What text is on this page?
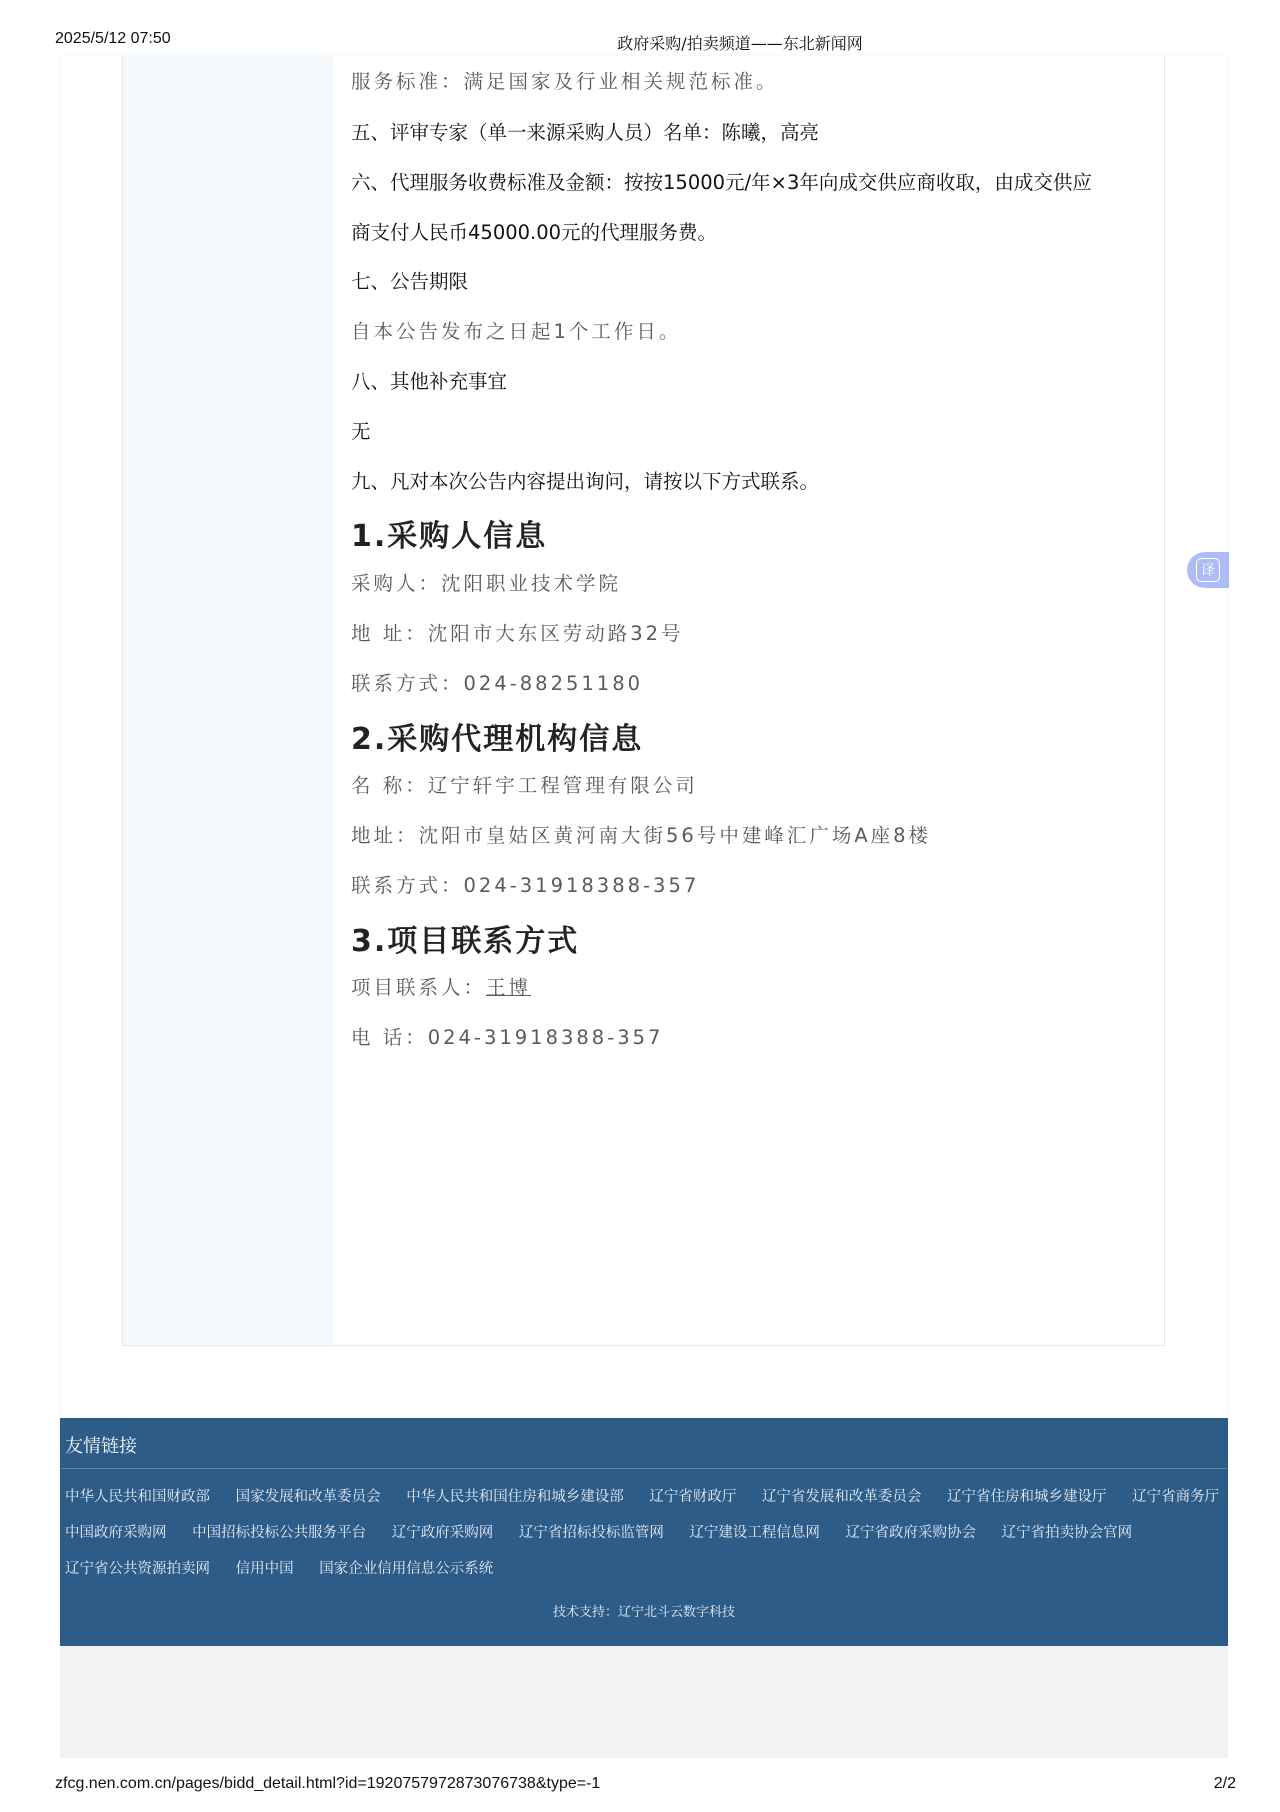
2025/5/12 07:50	政府采购/拍卖频道——东北新闻网
服务标准：满足国家及行业相关规范标准。
五、评审专家（单一来源采购人员）名单：陈曦，高亮
六、代理服务收费标准及金额：按按15000元/年×3年向成交供应商收取，由成交供应
商支付人民币45000.00元的代理服务费。
七、公告期限
自本公告发布之日起1个工作日。
八、其他补充事宜
无
九、凡对本次公告内容提出询问，请按以下方式联系。
1.采购人信息
采购人：沈阳职业技术学院
地 址：沈阳市大东区劳动路32号
联系方式：024-88251180
2.采购代理机构信息
名 称：辽宁轩宇工程管理有限公司
地址：沈阳市皇姑区黄河南大街56号中建峰汇广场A座8楼
联系方式：024-31918388-357
3.项目联系方式
项目联系人：王博
电 话：024-31918388-357
译
友情链接
中华人民共和国财政部 国家发展和改革委员会 中华人民共和国住房和城乡建设部 辽宁省财政厅 辽宁省发展和改革委员会 辽宁省住房和城乡建设厅 辽宁省商务厅
中国政府采购网 中国招标投标公共服务平台 辽宁政府采购网 辽宁省招标投标监管网 辽宁建设工程信息网 辽宁省政府采购协会 辽宁省拍卖协会官网
辽宁省公共资源拍卖网 信用中国 国家企业信用信息公示系统
技术支持：辽宁北斗云数字科技
zfcg.nen.com.cn/pages/bidd_detail.html?id=1920757972873076738&type=-1	2/2
